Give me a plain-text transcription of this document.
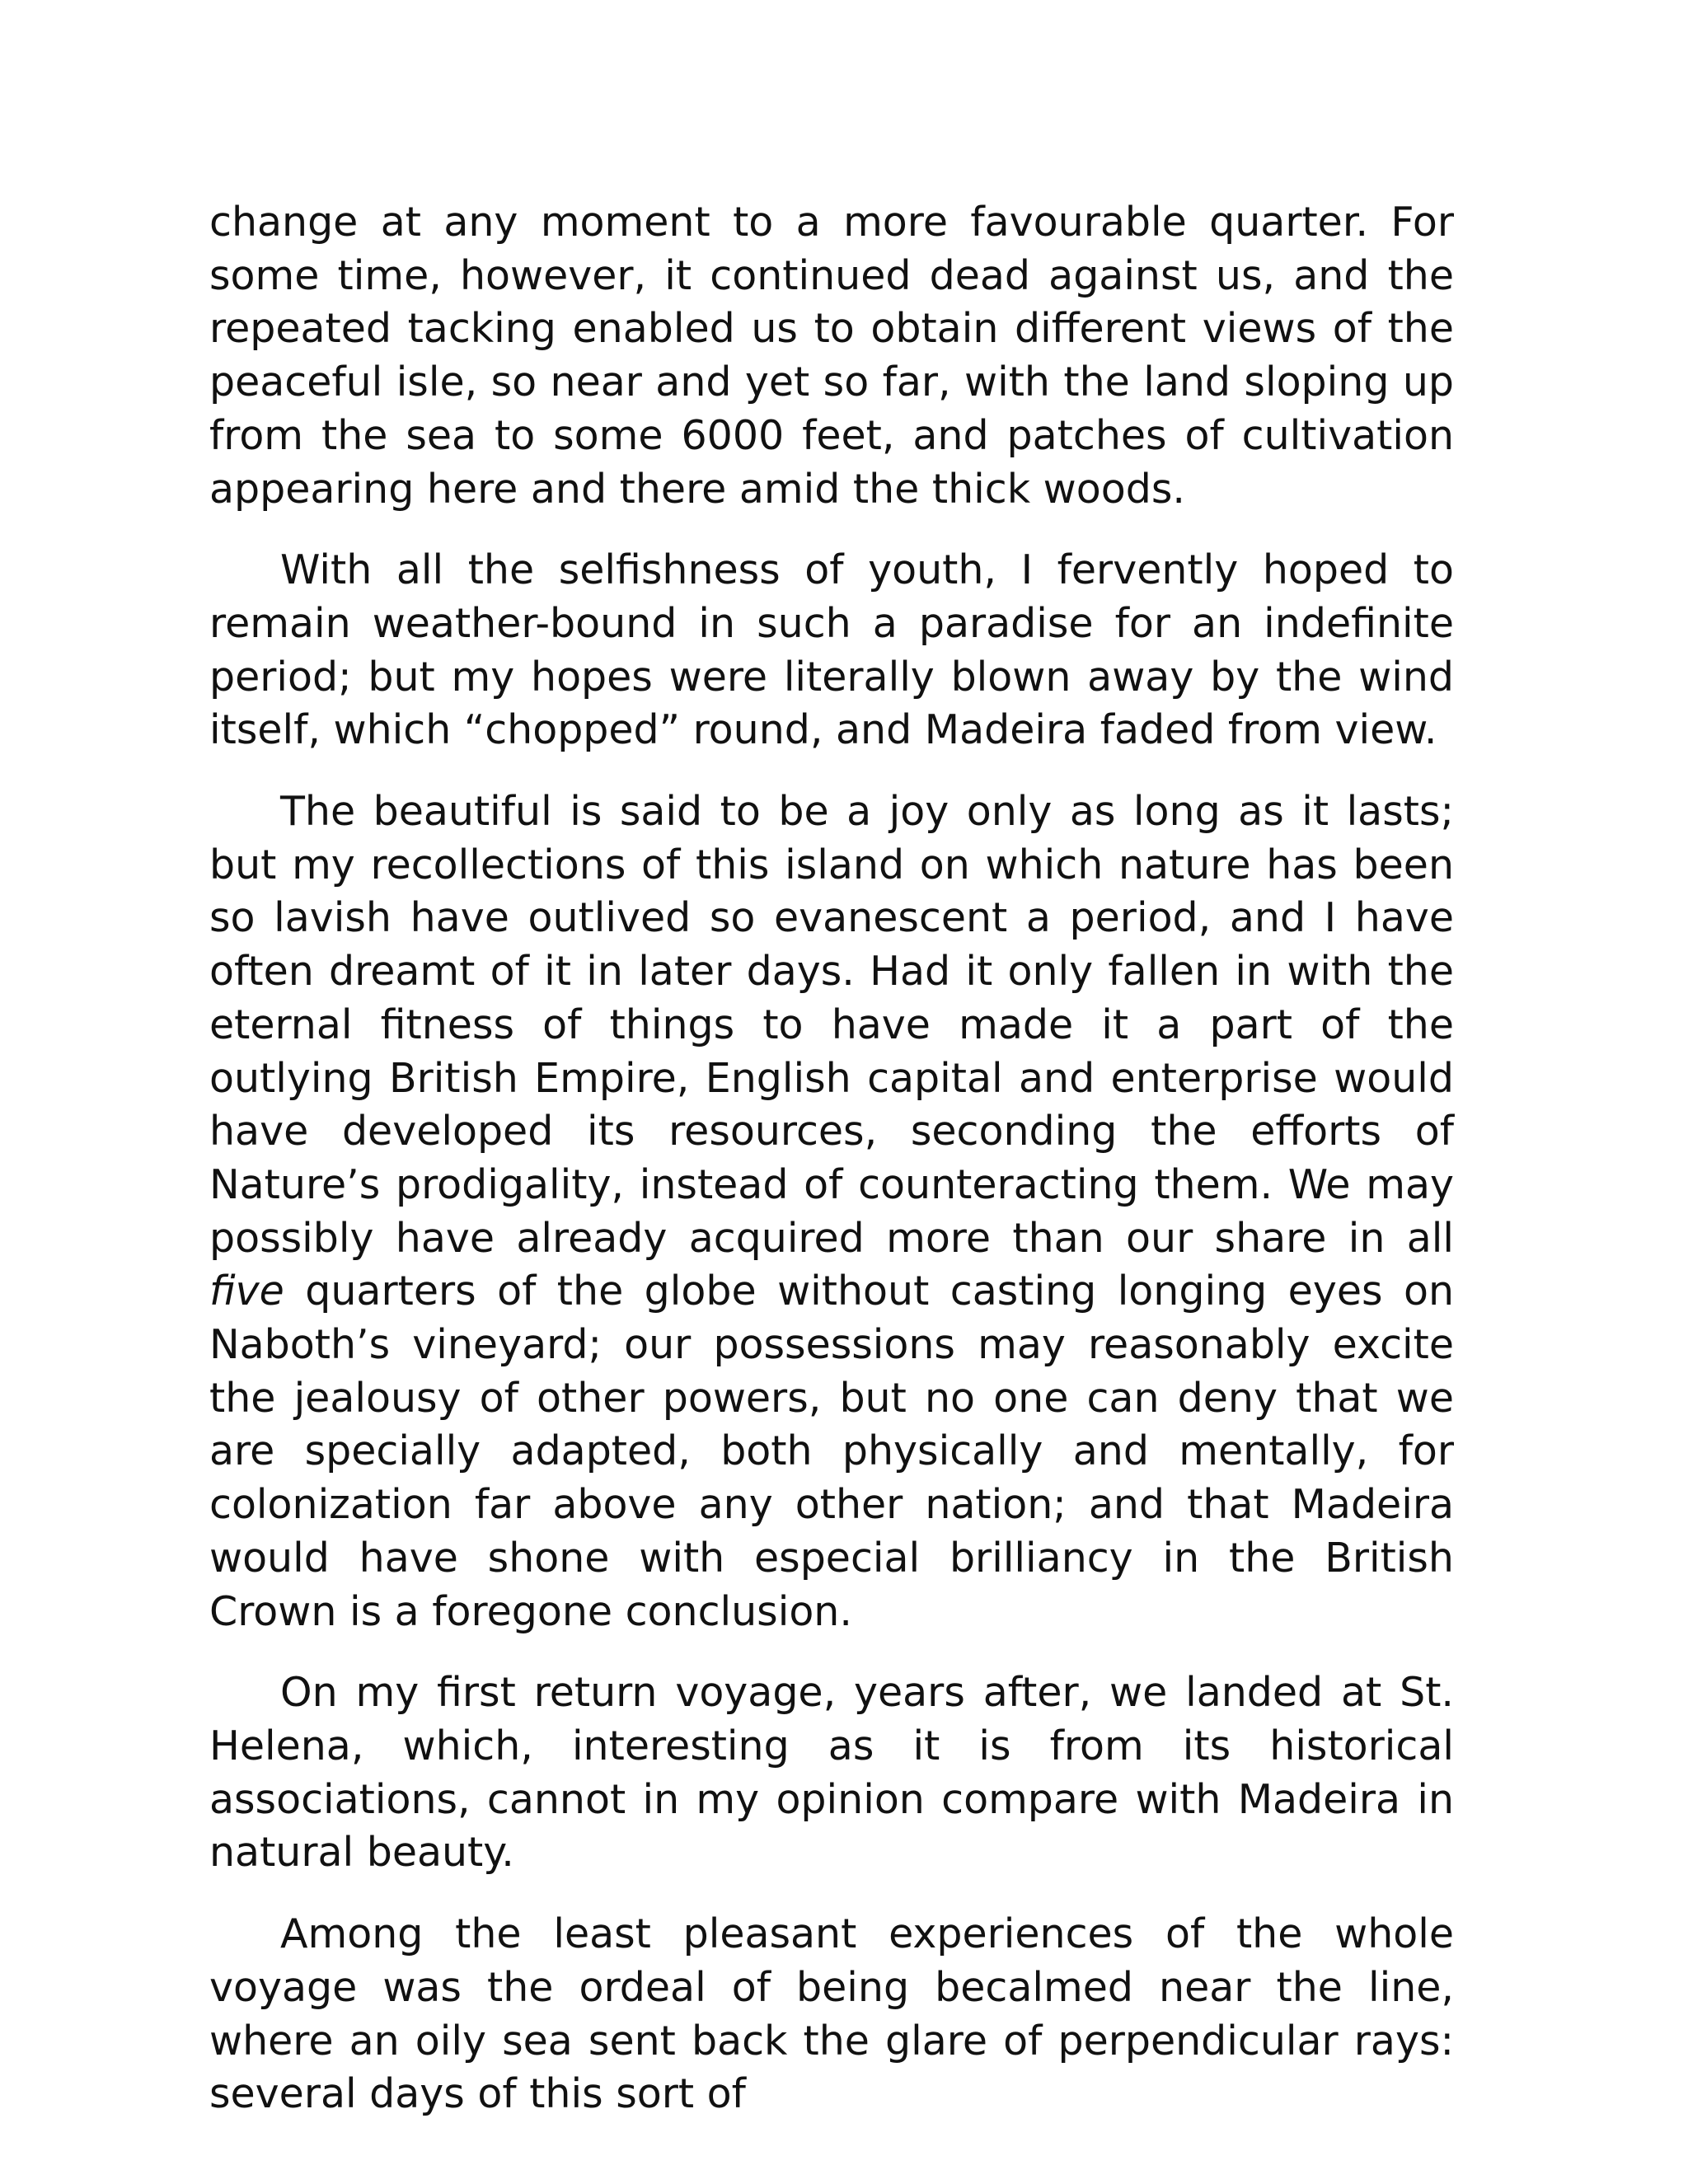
change at any moment to a more favourable quarter. For some time, however, it continued dead against us, and the repeated tacking enabled us to obtain different views of the peaceful isle, so near and yet so far, with the land sloping up from the sea to some 6000 feet, and patches of cultivation appearing here and there amid the thick woods.

With all the selfishness of youth, I fervently hoped to remain weather-bound in such a paradise for an indefinite period; but my hopes were literally blown away by the wind itself, which “chopped” round, and Madeira faded from view.

The beautiful is said to be a joy only as long as it lasts; but my recollections of this island on which nature has been so lavish have outlived so evanescent a period, and I have often dreamt of it in later days. Had it only fallen in with the eternal fitness of things to have made it a part of the outlying British Empire, English capital and enterprise would have developed its resources, seconding the efforts of Nature’s prodigality, instead of counteracting them. We may possibly have already acquired more than our share in all five quarters of the globe without casting longing eyes on Naboth’s vineyard; our possessions may reasonably excite the jealousy of other powers, but no one can deny that we are specially adapted, both physically and mentally, for colonization far above any other nation; and that Madeira would have shone with especial brilliancy in the British Crown is a foregone conclusion.

On my first return voyage, years after, we landed at St. Helena, which, interesting as it is from its historical associations, cannot in my opinion compare with Madeira in natural beauty.

Among the least pleasant experiences of the whole voyage was the ordeal of being becalmed near the line, where an oily sea sent back the glare of perpendicular rays: several days of this sort of
